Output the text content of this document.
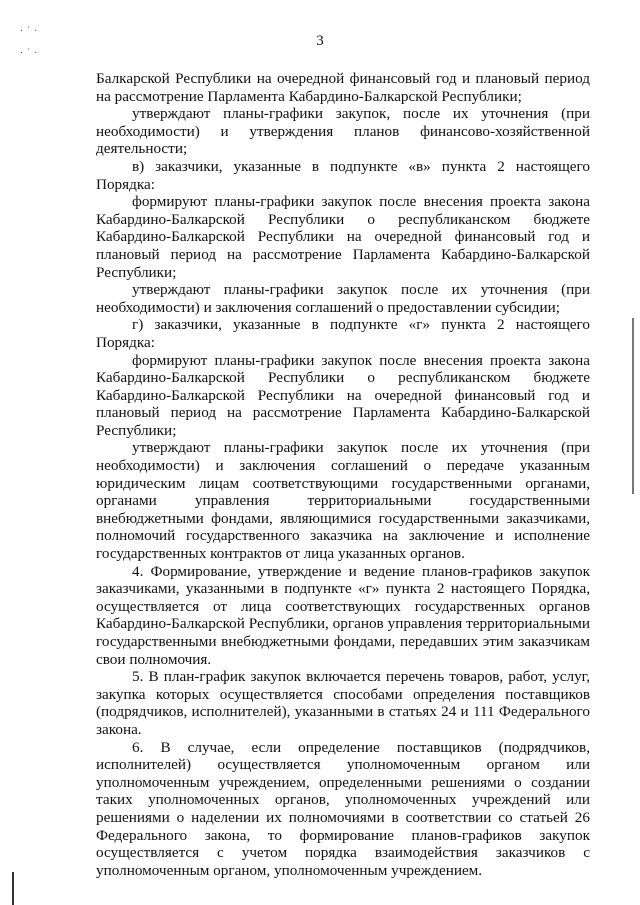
·˙·
·˙·
3

Балкарской Республики на очередной финансовый год и плановый период на рассмотрение Парламента Кабардино-Балкарской Республики;

утверждают планы-графики закупок, после их уточнения (при необходимости) и утверждения планов финансово-хозяйственной деятельности;

в) заказчики, указанные в подпункте «в» пункта 2 настоящего Порядка:

формируют планы-графики закупок после внесения проекта закона Кабардино-Балкарской Республики о республиканском бюджете Кабардино-Балкарской Республики на очередной финансовый год и плановый период на рассмотрение Парламента Кабардино-Балкарской Республики;

утверждают планы-графики закупок после их уточнения (при необходимости) и заключения соглашений о предоставлении субсидии;

г) заказчики, указанные в подпункте «г» пункта 2 настоящего Порядка:

формируют планы-графики закупок после внесения проекта закона Кабардино-Балкарской Республики о республиканском бюджете Кабардино-Балкарской Республики на очередной финансовый год и плановый период на рассмотрение Парламента Кабардино-Балкарской Республики;

утверждают планы-графики закупок после их уточнения (при необходимости) и заключения соглашений о передаче указанным юридическим лицам соответствующими государственными органами, органами управления территориальными государственными внебюджетными фондами, являющимися государственными заказчиками, полномочий государственного заказчика на заключение и исполнение государственных контрактов от лица указанных органов.

4. Формирование, утверждение и ведение планов-графиков закупок заказчиками, указанными в подпункте «г» пункта 2 настоящего Порядка, осуществляется от лица соответствующих государственных органов Кабардино-Балкарской Республики, органов управления территориальными государственными внебюджетными фондами, передавших этим заказчикам свои полномочия.

5. В план-график закупок включается перечень товаров, работ, услуг, закупка которых осуществляется способами определения поставщиков (подрядчиков, исполнителей), указанными в статьях 24 и 111 Федерального закона.

6. В случае, если определение поставщиков (подрядчиков, исполнителей) осуществляется уполномоченным органом или уполномоченным учреждением, определенными решениями о создании таких уполномоченных органов, уполномоченных учреждений или решениями о наделении их полномочиями в соответствии со статьей 26 Федерального закона, то формирование планов-графиков закупок осуществляется с учетом порядка взаимодействия заказчиков с уполномоченным органом, уполномоченным учреждением.
